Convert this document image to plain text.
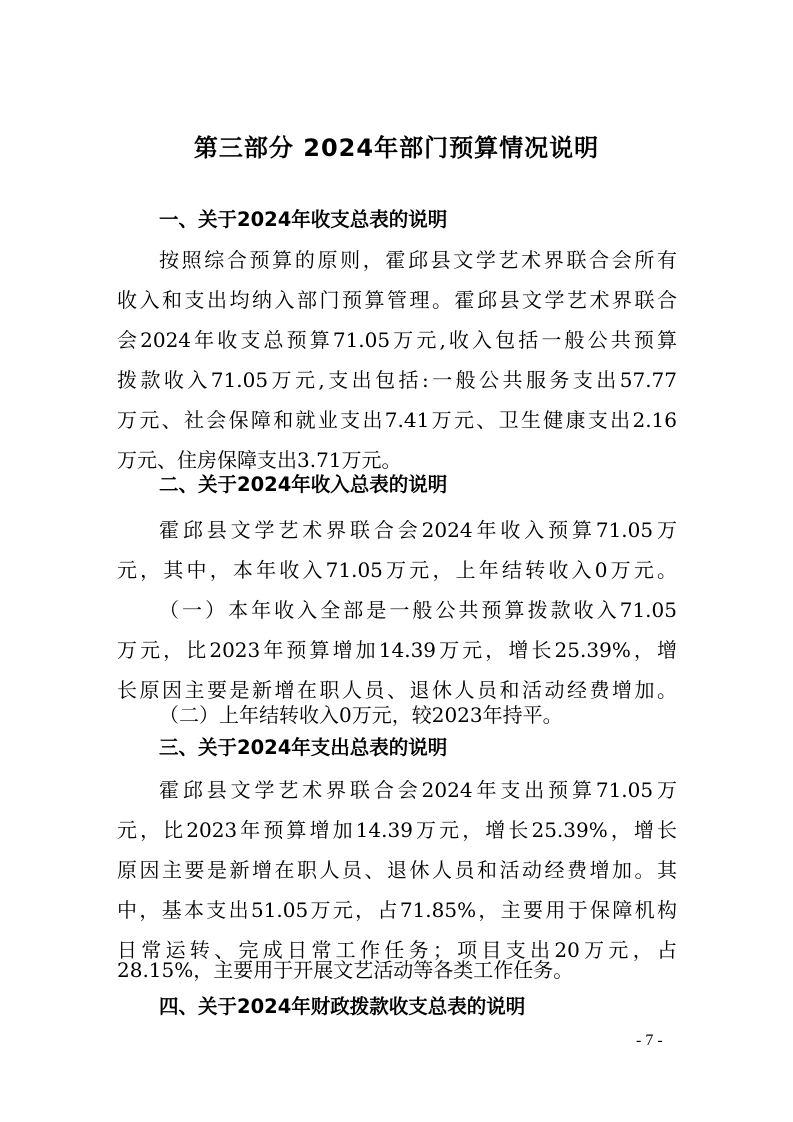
第三部分 2024年部门预算情况说明
一、关于2024年收支总表的说明
按照综合预算的原则，霍邱县文学艺术界联合会所有
收入和支出均纳入部门预算管理。霍邱县文学艺术界联合
会2024年收支总预算71.05万元,收入包括一般公共预算
拨款收入71.05万元,支出包括:一般公共服务支出57.77
万元、社会保障和就业支出7.41万元、卫生健康支出2.16
万元、住房保障支出3.71万元。
二、关于2024年收入总表的说明
霍邱县文学艺术界联合会2024年收入预算71.05万
元，其中，本年收入71.05万元，上年结转收入0万元。
（一）本年收入全部是一般公共预算拨款收入71.05
万元，比2023年预算增加14.39万元，增长25.39%，增
长原因主要是新增在职人员、退休人员和活动经费增加。
（二）上年结转收入0万元，较2023年持平。
三、关于2024年支出总表的说明
霍邱县文学艺术界联合会2024年支出预算71.05万
元，比2023年预算增加14.39万元，增长25.39%，增长
原因主要是新增在职人员、退休人员和活动经费增加。其
中，基本支出51.05万元，占71.85%，主要用于保障机构
日常运转、完成日常工作任务；项目支出20万元，占
28.15%，主要用于开展文艺活动等各类工作任务。
四、关于2024年财政拨款收支总表的说明
- 7 -
